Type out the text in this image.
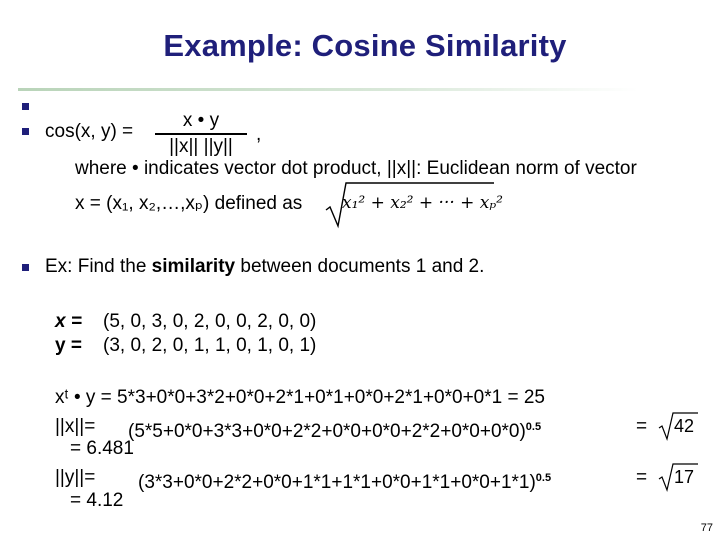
Example: Cosine Similarity
cos(x, y) =
x • y
||x|| ||y||
,
where • indicates vector dot product, ||x||: Euclidean norm of vector
x = (x₁, x₂,…,xₚ) defined as x₁² + x₂² + ··· + xₚ²
Ex: Find the similarity between documents 1 and 2.
x = (5, 0, 3, 0, 2, 0, 0, 2, 0, 0)
y = (3, 0, 2, 0, 1, 1, 0, 1, 0, 1)
xᵗ • y = 5*3+0*0+3*2+0*0+2*1+0*1+0*0+2*1+0*0+0*1 = 25
$||x||= (5*5+0*0+3*3+0*0+2*2+0*0+0*0+2*2+0*0+0*0)^{0.5}$	= 42
= 6.481
$||y||= (3*3+0*0+2*2+0*0+1*1+1*1+0*0+1*1+0*0+1*1)^{0.5}$	= 17
= 4.12
77
